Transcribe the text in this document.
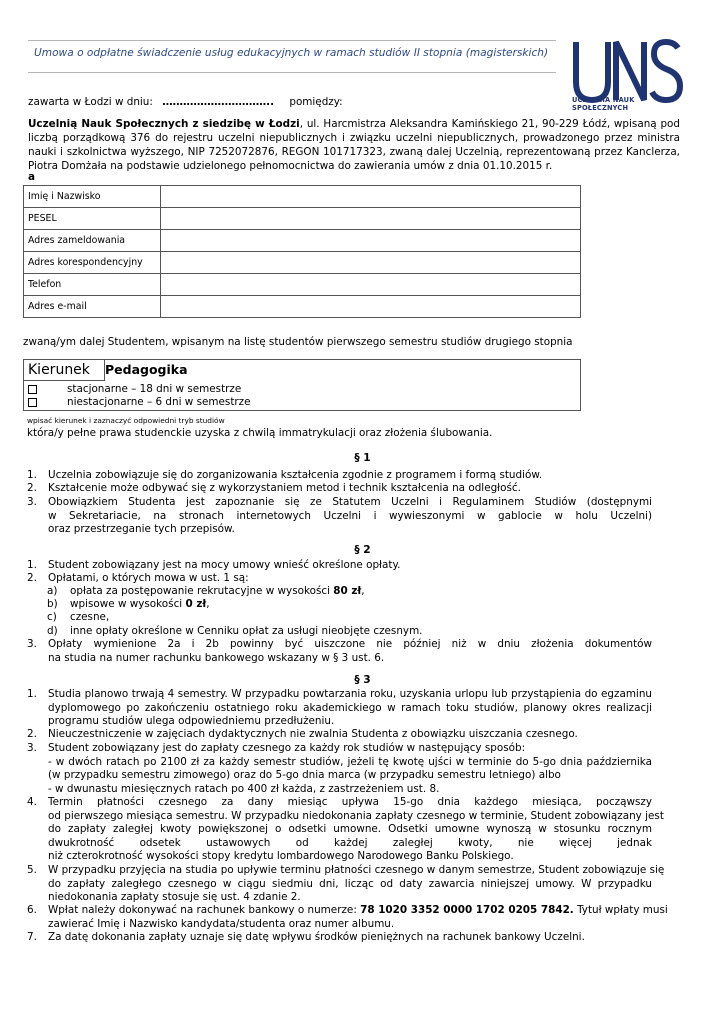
Umowa o odpłatne świadczenie usług edukacyjnych w ramach studiów II stopnia (magisterskich)
UCZELNIA NAUK SPOŁECZNYCH
zawarta w Łodzi w dniu: ………………………….. pomiędzy:
Uczelnią Nauk Społecznych z siedzibę w Łodzi, ul. Harcmistrza Aleksandra Kamińskiego 21, 90-229 Łódź, wpisaną pod
liczbą porządkową 376 do rejestru uczelni niepublicznych i związku uczelni niepublicznych, prowadzonego przez ministra
nauki i szkolnictwa wyższego, NIP 7252072876, REGON 101717323, zwaną dalej Uczelnią, reprezentowaną przez Kanclerza,
Piotra Domżała na podstawie udzielonego pełnomocnictwa do zawierania umów z dnia 01.10.2015 r.
a
Imię i Nazwisko	
PESEL	
Adres zameldowania	
Adres korespondencyjny	
Telefon	
Adres e-mail	
zwaną/ym dalej Studentem, wpisanym na listę studentów pierwszego semestru studiów drugiego stopnia
Kierunek	Pedagogika
stacjonarne – 18 dni w semestrze
niestacjonarne – 6 dni w semestrze
wpisać kierunek i zaznaczyć odpowiedni tryb studiów
która/y pełne prawa studenckie uzyska z chwilą immatrykulacji oraz złożenia ślubowania.
§ 1
1. Uczelnia zobowiązuje się do zorganizowania kształcenia zgodnie z programem i formą studiów.
2. Kształcenie może odbywać się z wykorzystaniem metod i technik kształcenia na odległość.
3. Obowiązkiem Studenta jest zapoznanie się ze Statutem Uczelni i Regulaminem Studiów (dostępnymi
w Sekretariacie, na stronach internetowych Uczelni i wywieszonymi w gablocie w holu Uczelni)
oraz przestrzeganie tych przepisów.
§ 2
1. Student zobowiązany jest na mocy umowy wnieść określone opłaty.
2. Opłatami, o których mowa w ust. 1 są:
a) opłata za postępowanie rekrutacyjne w wysokości 80 zł,
b) wpisowe w wysokości 0 zł,
c) czesne,
d) inne opłaty określone w Cenniku opłat za usługi nieobjęte czesnym.
3. Opłaty wymienione 2a i 2b powinny być uiszczone nie później niż w dniu złożenia dokumentów
na studia na numer rachunku bankowego wskazany w § 3 ust. 6.
§ 3
1. Studia planowo trwają 4 semestry. W przypadku powtarzania roku, uzyskania urlopu lub przystąpienia do egzaminu
dyplomowego po zakończeniu ostatniego roku akademickiego w ramach toku studiów, planowy okres realizacji
programu studiów ulega odpowiedniemu przedłużeniu.
2. Nieuczestniczenie w zajęciach dydaktycznych nie zwalnia Studenta z obowiązku uiszczania czesnego.
3. Student zobowiązany jest do zapłaty czesnego za każdy rok studiów w następujący sposób:
- w dwóch ratach po 2100 zł za każdy semestr studiów, jeżeli tę kwotę ujści w terminie do 5-go dnia października
(w przypadku semestru zimowego) oraz do 5-go dnia marca (w przypadku semestru letniego) albo
- w dwunastu miesięcznych ratach po 400 zł każda, z zastrzeżeniem ust. 8.
4. Termin płatności czesnego za dany miesiąc upływa 15-go dnia każdego miesiąca, począwszy
od pierwszego miesiąca semestru. W przypadku niedokonania zapłaty czesnego w terminie, Student zobowiązany jest
do zapłaty zaległej kwoty powiększonej o odsetki umowne. Odsetki umowne wynoszą w stosunku rocznym
dwukrotność odsetek ustawowych od każdej zaległej kwoty, nie więcej jednak
niż czterokrotność wysokości stopy kredytu lombardowego Narodowego Banku Polskiego.
5. W przypadku przyjęcia na studia po upływie terminu płatności czesnego w danym semestrze, Student zobowiązuje się
do zapłaty zaległego czesnego w ciągu siedmiu dni, licząc od daty zawarcia niniejszej umowy. W przypadku
niedokonania zapłaty stosuje się ust. 4 zdanie 2.
6. Wpłat należy dokonywać na rachunek bankowy o numerze: 78 1020 3352 0000 1702 0205 7842. Tytuł wpłaty musi
zawierać Imię i Nazwisko kandydata/studenta oraz numer albumu.
7. Za datę dokonania zapłaty uznaje się datę wpływu środków pieniężnych na rachunek bankowy Uczelni.
